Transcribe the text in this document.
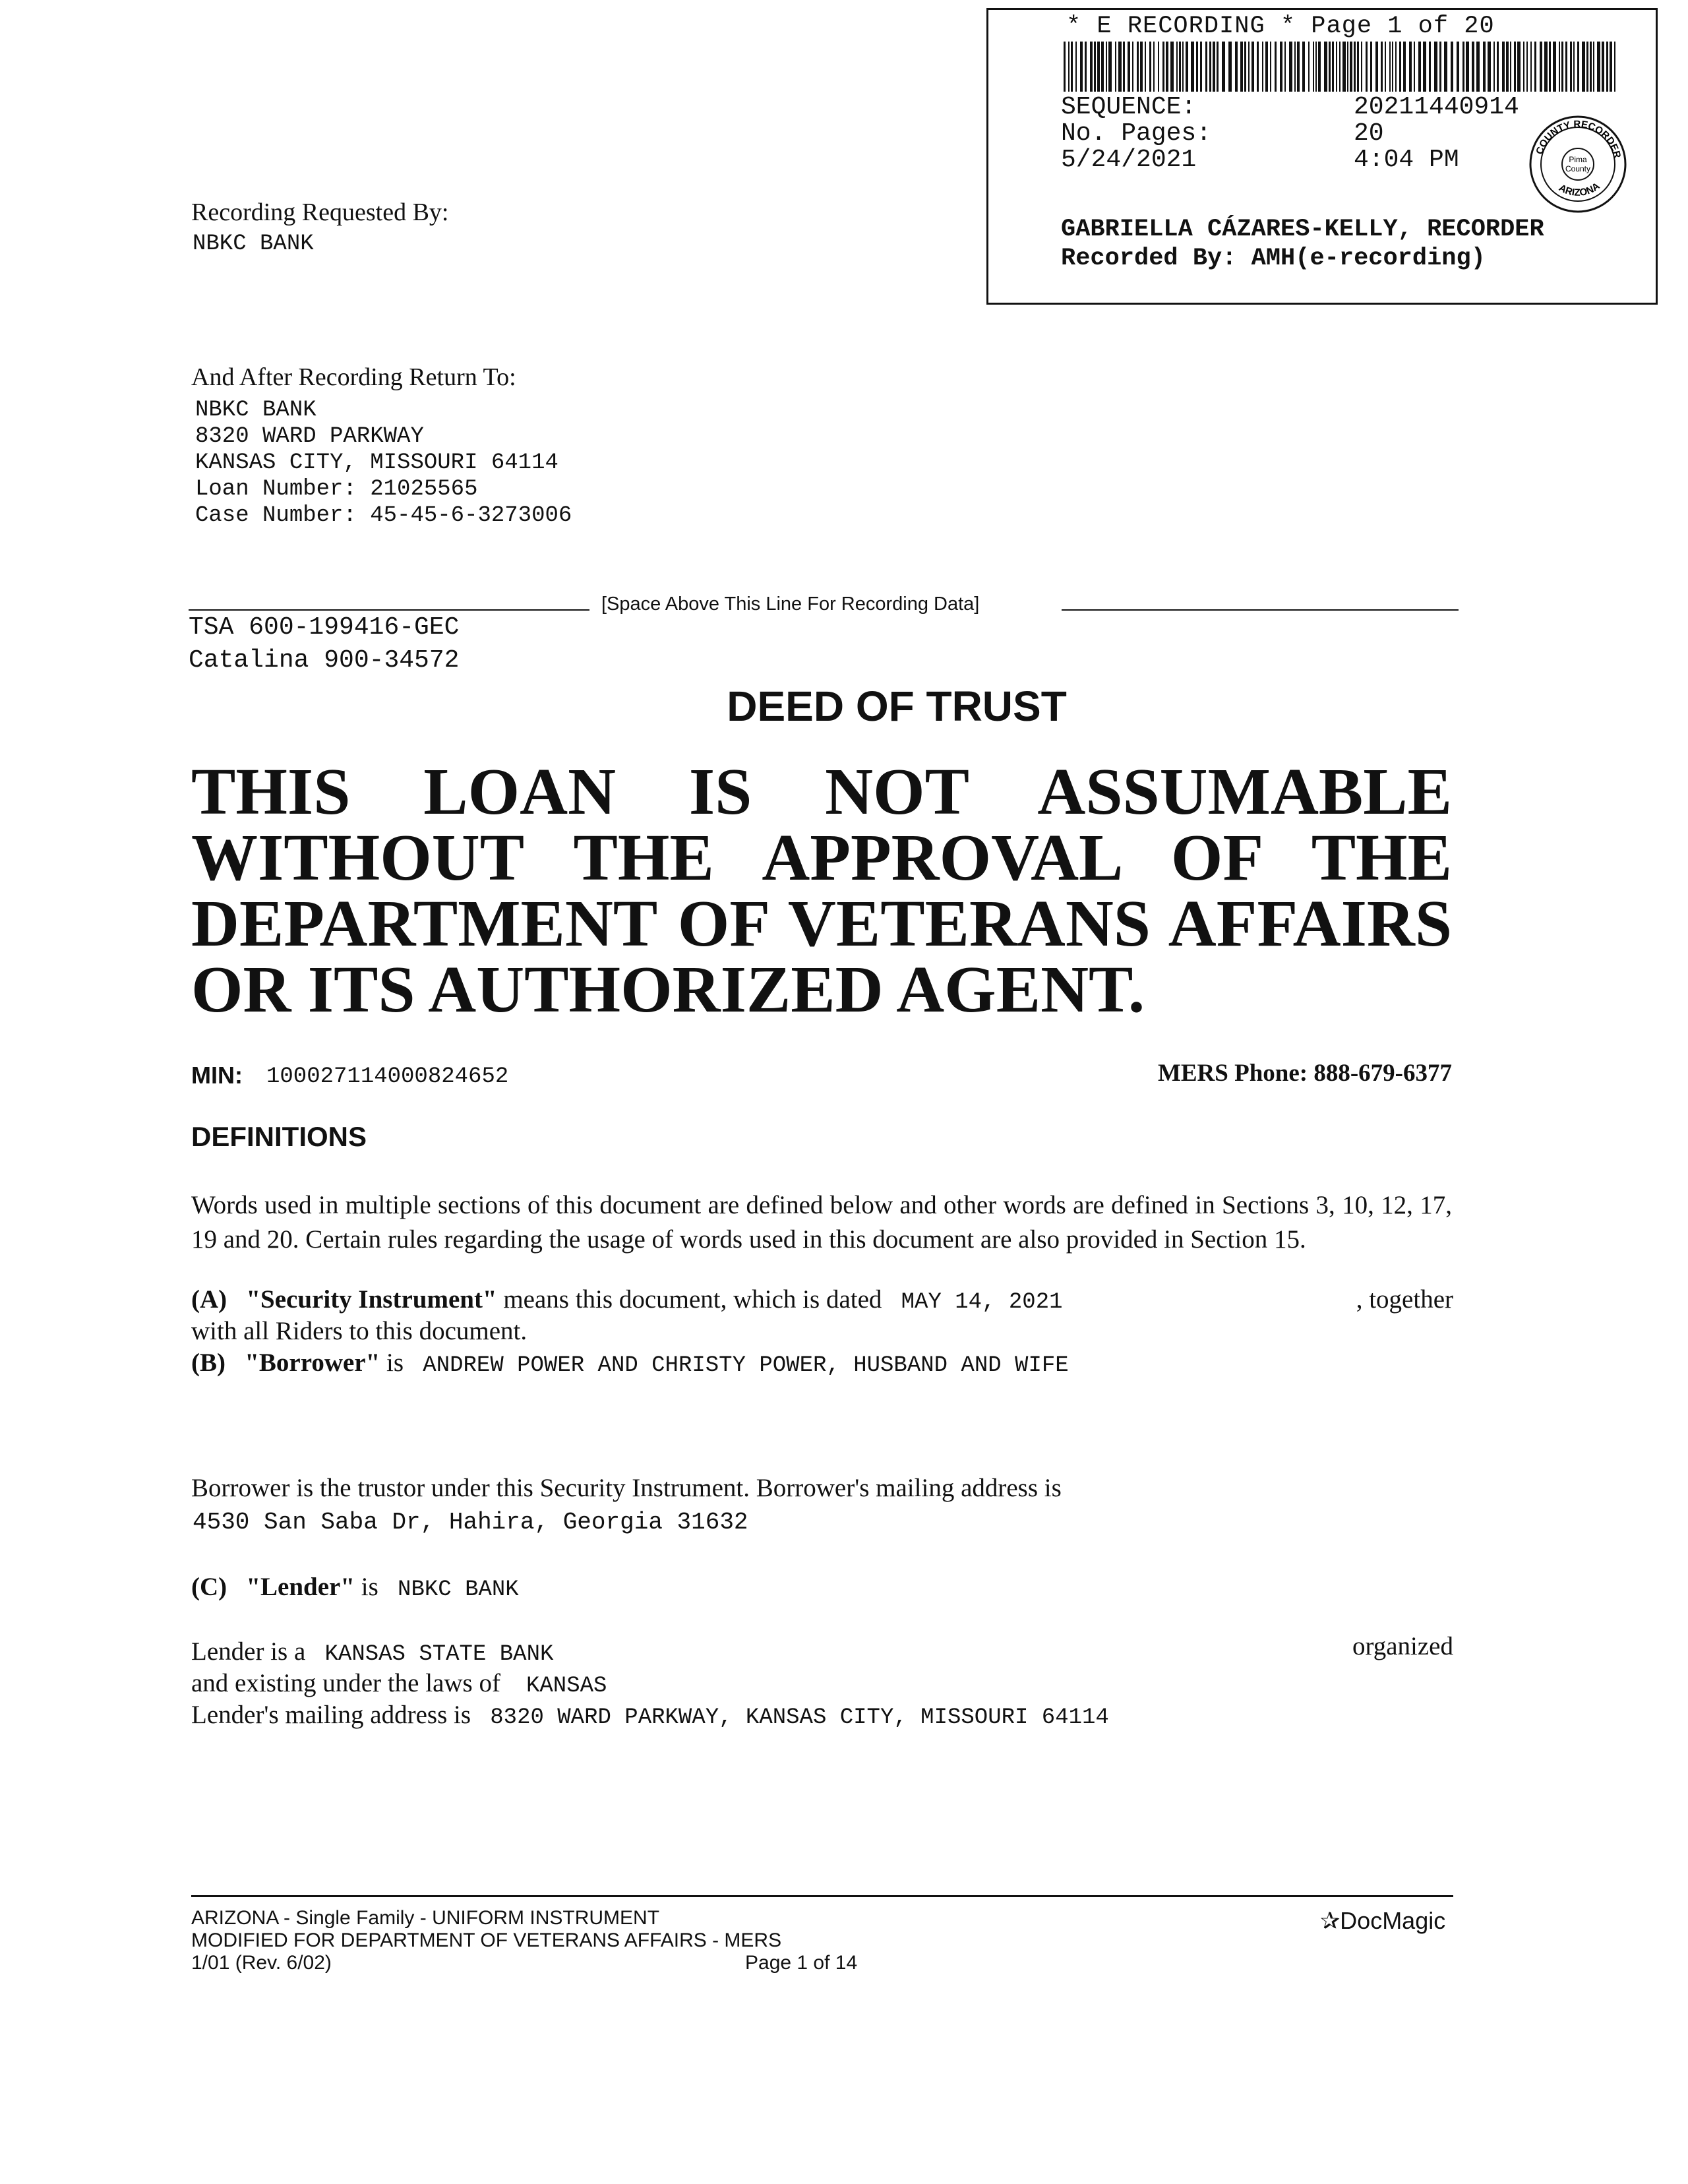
* E RECORDING * Page 1 of 20
SEQUENCE:	20211440914
No. Pages:	20
5/24/2021	4:04 PM	COUNTY RECORDER
ARIZONA
Pima
County
GABRIELLA CÁZARES-KELLY, RECORDER
Recorded By: AMH(e-recording)
Recording Requested By:
NBKC BANK
And After Recording Return To:
NBKC BANK
8320 WARD PARKWAY
KANSAS CITY, MISSOURI 64114
Loan Number: 21025565
Case Number: 45-45-6-3273006
[Space Above This Line For Recording Data]
TSA 600-199416-GEC
Catalina 900-34572
DEED OF TRUST
THIS LOAN IS NOT ASSUMABLE
WITHOUT THE APPROVAL OF THE
DEPARTMENT OF VETERANS AFFAIRS
OR ITS AUTHORIZED AGENT.
MIN: 100027114000824652	MERS Phone: 888-679-6377
DEFINITIONS
Words used in multiple sections of this document are defined below and other words are defined in Sections 3, 10, 12, 17, 19 and 20. Certain rules regarding the usage of words used in this document are also provided in Section 15.
(A) "Security Instrument" means this document, which is dated MAY 14, 2021	, together
with all Riders to this document.
(B) "Borrower" is ANDREW POWER AND CHRISTY POWER, HUSBAND AND WIFE
Borrower is the trustor under this Security Instrument. Borrower's mailing address is
4530 San Saba Dr, Hahira, Georgia 31632
(C) "Lender" is NBKC BANK
Lender is a KANSAS STATE BANK	organized
and existing under the laws of KANSAS
Lender's mailing address is 8320 WARD PARKWAY, KANSAS CITY, MISSOURI 64114
ARIZONA - Single Family - UNIFORM INSTRUMENT
MODIFIED FOR DEPARTMENT OF VETERANS AFFAIRS - MERS
1/01 (Rev. 6/02)	Page 1 of 14
✰DocMagic
